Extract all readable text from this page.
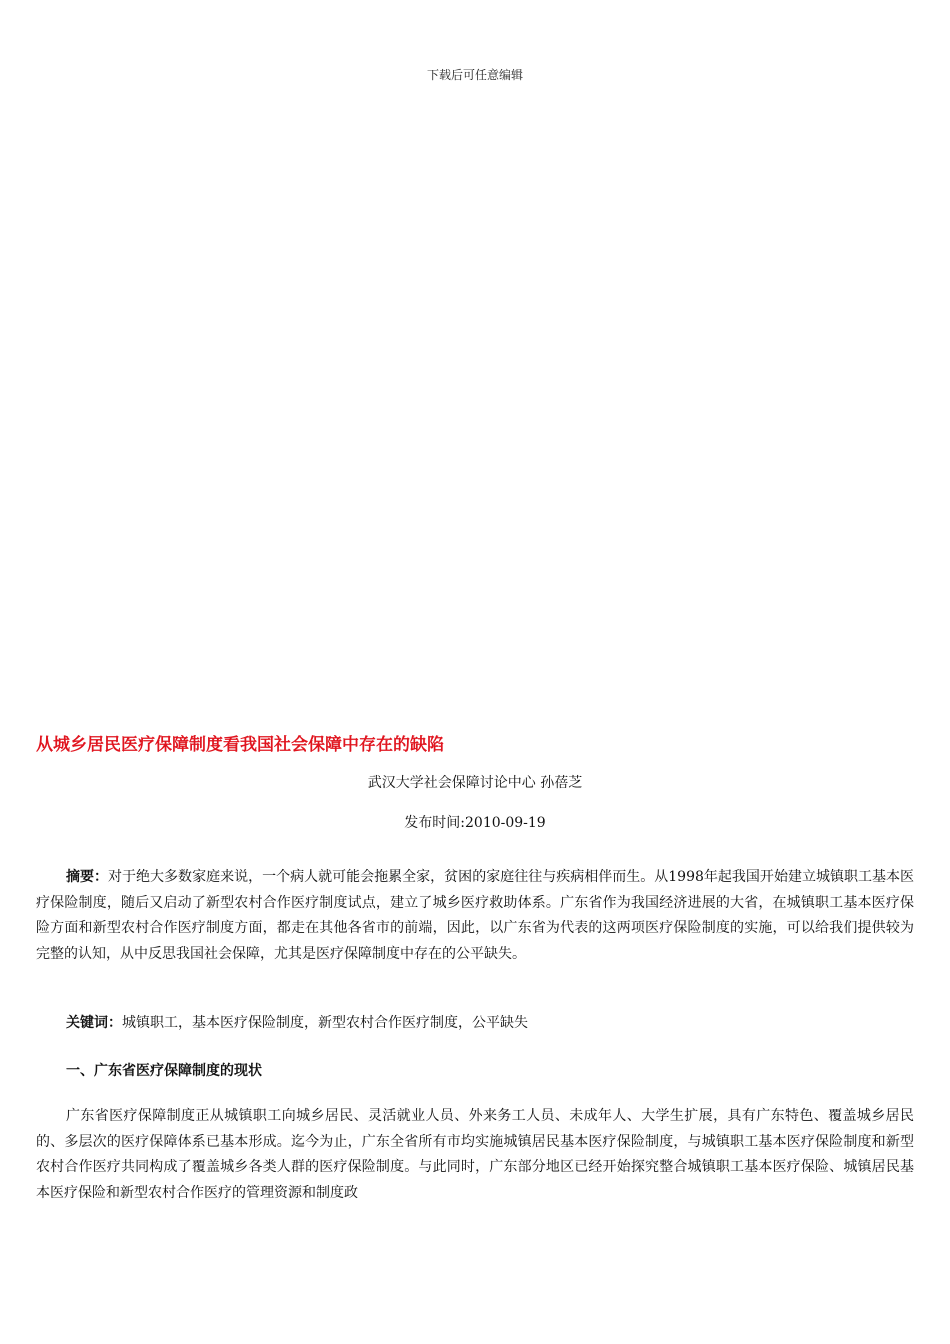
下载后可任意编辑
从城乡居民医疗保障制度看我国社会保障中存在的缺陷
武汉大学社会保障讨论中心 孙蓓芝
发布时间:2010-09-19

摘要：对于绝大多数家庭来说，一个病人就可能会拖累全家，贫困的家庭往往与疾病相伴而生。从1998年起我国开始建立城镇职工基本医疗保险制度，随后又启动了新型农村合作医疗制度试点，建立了城乡医疗救助体系。广东省作为我国经济进展的大省，在城镇职工基本医疗保险方面和新型农村合作医疗制度方面，都走在其他各省市的前端，因此，以广东省为代表的这两项医疗保险制度的实施，可以给我们提供较为完整的认知，从中反思我国社会保障，尤其是医疗保障制度中存在的公平缺失。

关键词：城镇职工，基本医疗保险制度，新型农村合作医疗制度，公平缺失

一、广东省医疗保障制度的现状

广东省医疗保障制度正从城镇职工向城乡居民、灵活就业人员、外来务工人员、未成年人、大学生扩展，具有广东特色、覆盖城乡居民的、多层次的医疗保障体系已基本形成。迄今为止，广东全省所有市均实施城镇居民基本医疗保险制度，与城镇职工基本医疗保险制度和新型农村合作医疗共同构成了覆盖城乡各类人群的医疗保险制度。与此同时，广东部分地区已经开始探究整合城镇职工基本医疗保险、城镇居民基本医疗保险和新型农村合作医疗的管理资源和制度政
